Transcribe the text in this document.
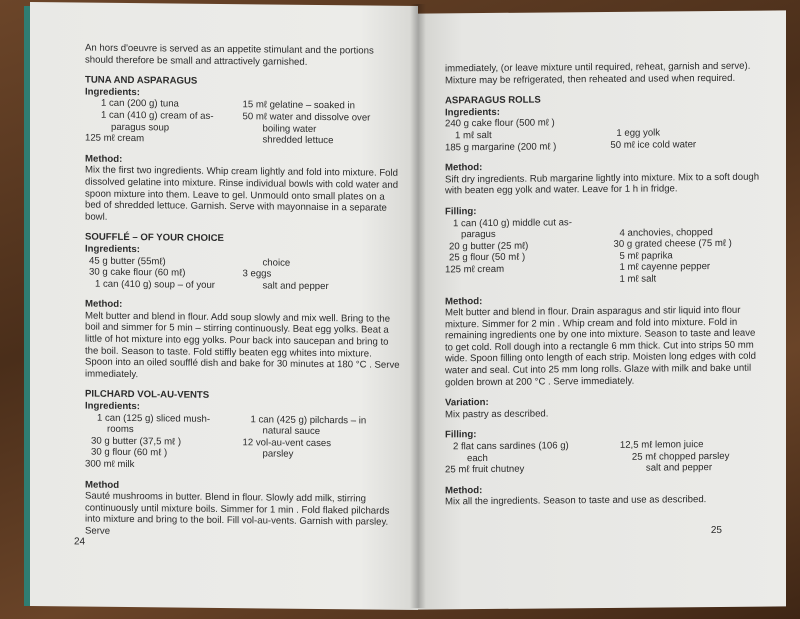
An hors d'oeuvre is served as an appetite stimulant and the portions should therefore be small and attractively garnished.

TUNA AND ASPARAGUS

Ingredients:

1 can (200 g) tuna

1 can (410 g) cream of as-

paragus soup

125 mℓ cream

15 mℓ gelatine – soaked in

50 mℓ water and dissolve over

boiling water

shredded lettuce

Method:

Mix the first two ingredients. Whip cream lightly and fold into mixture. Fold dissolved gelatine into mixture. Rinse individual bowls with cold water and spoon mixture into them. Leave to gel. Unmould onto small plates on a bed of shredded lettuce. Garnish. Serve with mayonnaise in a separate bowl.

SOUFFLÉ – OF YOUR CHOICE

Ingredients:

45 g butter (55mℓ)

30 g cake flour (60 mℓ)

1 can (410 g) soup – of your

choice

3 eggs

salt and pepper

Method:

Melt butter and blend in flour. Add soup slowly and mix well. Bring to the boil and simmer for 5 min – stirring continuously. Beat egg yolks. Beat a little of hot mixture into egg yolks. Pour back into saucepan and bring to the boil. Season to taste. Fold stiffly beaten egg whites into mixture. Spoon into an oiled soufflé dish and bake for 30 minutes at 180 °C . Serve immediately.

PILCHARD VOL-AU-VENTS

Ingredients:

1 can (125 g) sliced mush-

rooms

30 g butter (37,5 mℓ )

30 g flour (60 mℓ )

300 mℓ milk

1 can (425 g) pilchards – in

natural sauce

12 vol-au-vent cases

parsley

Method

Sauté mushrooms in butter. Blend in flour. Slowly add milk, stirring continuously until mixture boils. Simmer for 1 min . Fold flaked pilchards into mixture and bring to the boil. Fill vol-au-vents. Garnish with parsley. Serve

24

immediately, (or leave mixture until required, reheat, garnish and serve). Mixture may be refrigerated, then reheated and used when required.

ASPARAGUS ROLLS

Ingredients:

240 g cake flour (500 mℓ )

1 mℓ salt

185 g margarine (200 mℓ )

1 egg yolk

50 mℓ ice cold water

Method:

Sift dry ingredients. Rub margarine lightly into mixture. Mix to a soft dough with beaten egg yolk and water. Leave for 1 h in fridge.

Filling:

1 can (410 g) middle cut as-

paragus

20 g butter (25 mℓ)

25 g flour (50 mℓ )

125 mℓ cream

4 anchovies, chopped

30 g grated cheese (75 mℓ )

5 mℓ paprika

1 mℓ cayenne pepper

1 mℓ salt

Method:

Melt butter and blend in flour. Drain asparagus and stir liquid into flour mixture. Simmer for 2 min . Whip cream and fold into mixture. Fold in remaining ingredients one by one into mixture. Season to taste and leave to get cold. Roll dough into a rectangle 6 mm thick. Cut into strips 50 mm wide. Spoon filling onto length of each strip. Moisten long edges with cold water and seal. Cut into 25 mm long rolls. Glaze with milk and bake until golden brown at 200 °C . Serve immediately.

Variation:

Mix pastry as described.

Filling:

2 flat cans sardines (106 g)

each

25 mℓ fruit chutney

12,5 mℓ lemon juice

25 mℓ chopped parsley

salt and pepper

Method:

Mix all the ingredients. Season to taste and use as described.

25
